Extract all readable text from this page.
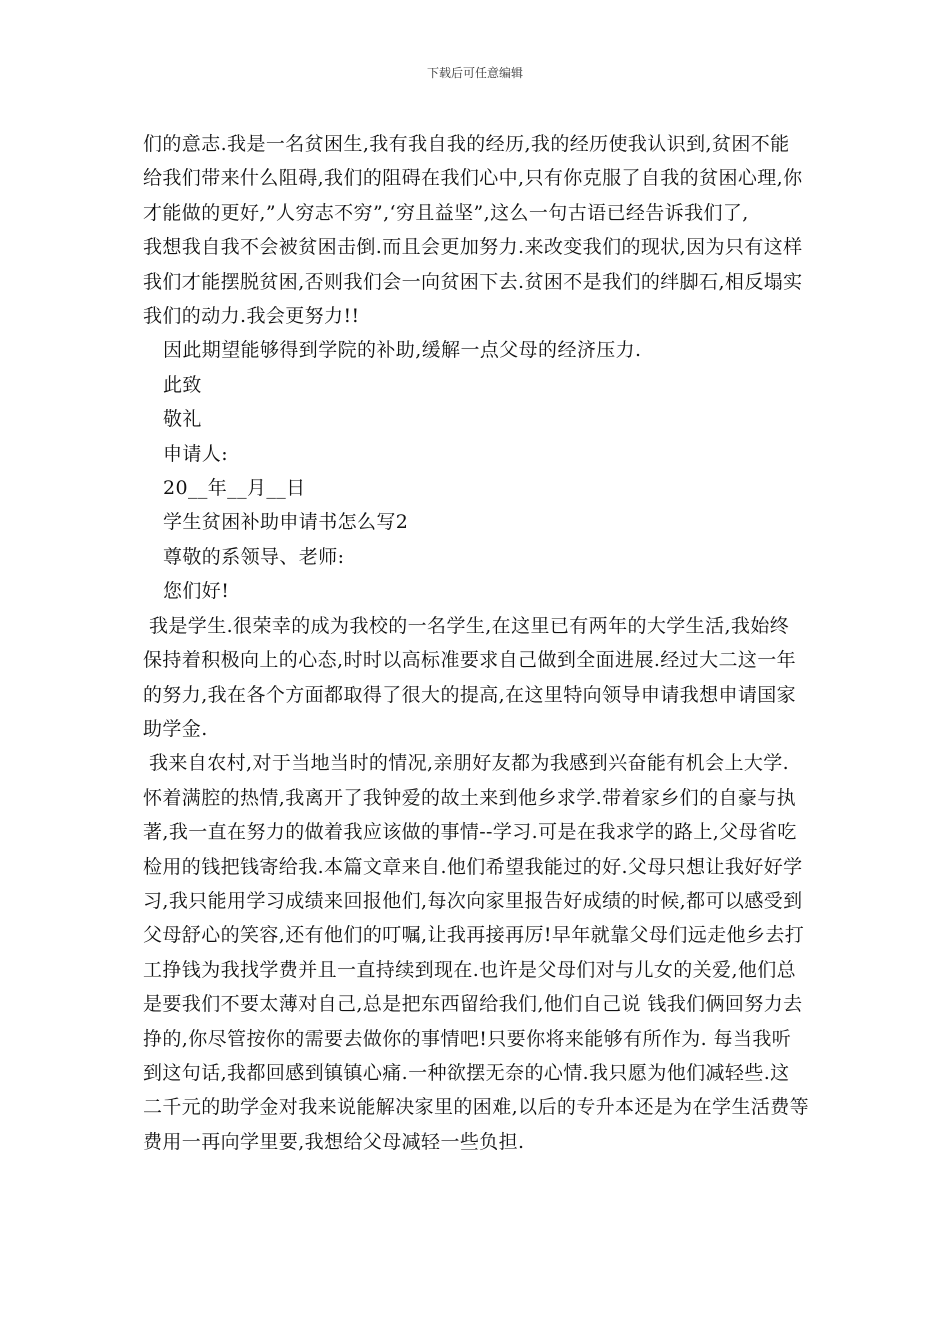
下载后可任意编辑

们的意志.我是一名贫困生,我有我自我的经历,我的经历使我认识到,贫困不能
给我们带来什么阻碍,我们的阻碍在我们心中,只有你克服了自我的贫困心理,你
才能做的更好,”人穷志不穷”,‘穷且益坚”,这么一句古语已经告诉我们了,
我想我自我不会被贫困击倒.而且会更加努力.来改变我们的现状,因为只有这样
我们才能摆脱贫困,否则我们会一向贫困下去.贫困不是我们的绊脚石,相反塌实
我们的动力.我会更努力!!

因此期望能够得到学院的补助,缓解一点父母的经济压力.

此致

敬礼

申请人:

20__年__月__日

学生贫困补助申请书怎么写2

尊敬的系领导、老师:

您们好!

我是学生.很荣幸的成为我校的一名学生,在这里已有两年的大学生活,我始终
保持着积极向上的心态,时时以高标准要求自己做到全面进展.经过大二这一年
的努力,我在各个方面都取得了很大的提高,在这里特向领导申请我想申请国家
助学金.

我来自农村,对于当地当时的情况,亲朋好友都为我感到兴奋能有机会上大学.
怀着满腔的热情,我离开了我钟爱的故土来到他乡求学.带着家乡们的自豪与执
著,我一直在努力的做着我应该做的事情--学习.可是在我求学的路上,父母省吃
检用的钱把钱寄给我.本篇文章来自.他们希望我能过的好.父母只想让我好好学
习,我只能用学习成绩来回报他们,每次向家里报告好成绩的时候,都可以感受到
父母舒心的笑容,还有他们的叮嘱,让我再接再厉!早年就靠父母们远走他乡去打
工挣钱为我找学费并且一直持续到现在.也许是父母们对与儿女的关爱,他们总
是要我们不要太薄对自己,总是把东西留给我们,他们自己说 钱我们俩回努力去
挣的,你尽管按你的需要去做你的事情吧!只要你将来能够有所作为. 每当我听
到这句话,我都回感到镇镇心痛.一种欲摆无奈的心情.我只愿为他们减轻些.这
二千元的助学金对我来说能解决家里的困难,以后的专升本还是为在学生活费等
费用一再向学里要,我想给父母减轻一些负担.
